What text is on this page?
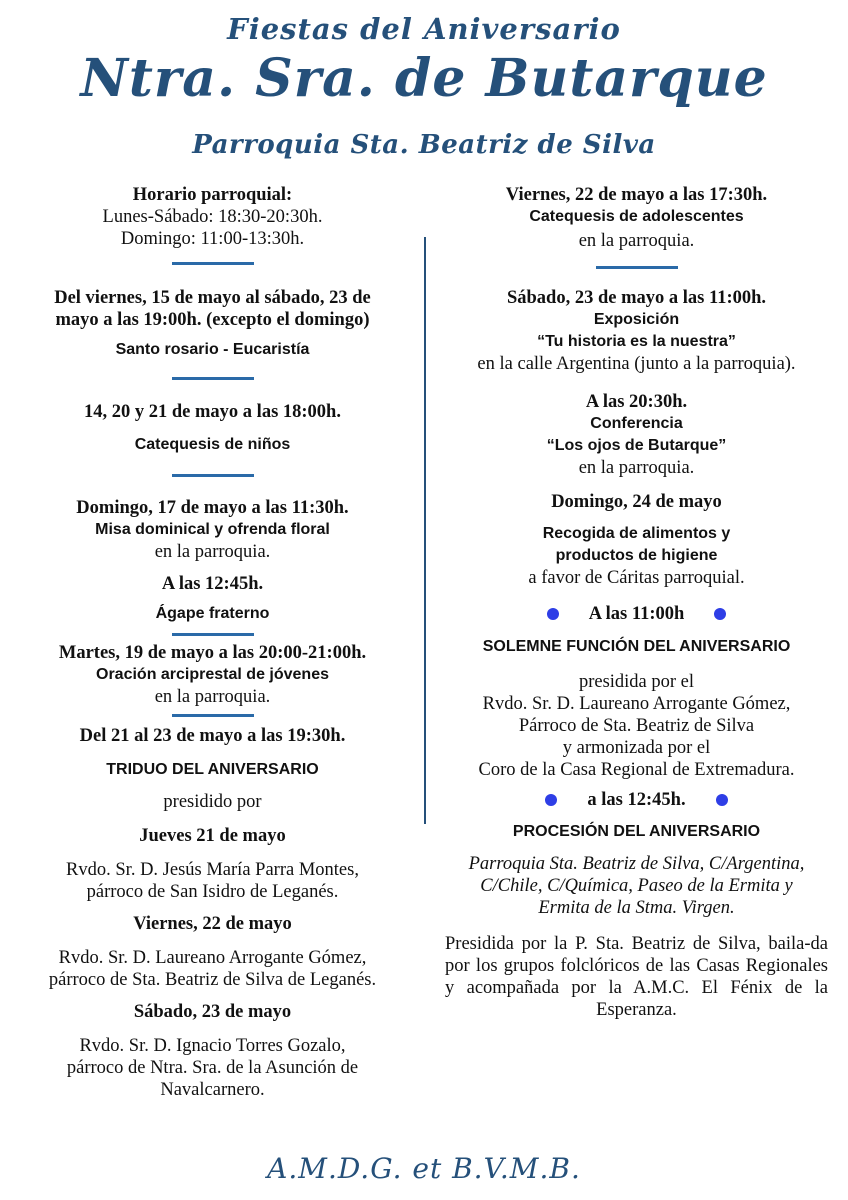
Fiestas del Aniversario
Ntra. Sra. de Butarque
Parroquia Sta. Beatriz de Silva
Horario parroquial:
Lunes-Sábado: 18:30-20:30h.
Domingo: 11:00-13:30h.
Del viernes, 15 de mayo al sábado, 23 de
mayo a las 19:00h. (excepto el domingo)
Santo rosario - Eucaristía
14, 20 y 21 de mayo a las 18:00h.
Catequesis de niños
Domingo, 17 de mayo a las 11:30h.
Misa dominical y ofrenda floral
en la parroquia.
A las 12:45h.
Ágape fraterno
Martes, 19 de mayo a las 20:00-21:00h.
Oración arciprestal de jóvenes
en la parroquia.
Del 21 al 23 de mayo a las 19:30h.
TRIDUO DEL ANIVERSARIO
presidido por
Jueves 21 de mayo
Rvdo. Sr. D. Jesús María Parra Montes,
párroco de San Isidro de Leganés.
Viernes, 22 de mayo
Rvdo. Sr. D. Laureano Arrogante Gómez,
párroco de Sta. Beatriz de Silva de Leganés.
Sábado, 23 de mayo
Rvdo. Sr. D. Ignacio Torres Gozalo,
párroco de Ntra. Sra. de la Asunción de
Navalcarnero.
Viernes, 22 de mayo a las 17:30h.
Catequesis de adolescentes
en la parroquia.
Sábado, 23 de mayo a las 11:00h.
Exposición
“Tu historia es la nuestra”
en la calle Argentina (junto a la parroquia).
A las 20:30h.
Conferencia
“Los ojos de Butarque”
en la parroquia.
Domingo, 24 de mayo
Recogida de alimentos y
productos de higiene
a favor de Cáritas parroquial.
A las 11:00h
SOLEMNE FUNCIÓN DEL ANIVERSARIO
presidida por el
Rvdo. Sr. D. Laureano Arrogante Gómez,
Párroco de Sta. Beatriz de Silva
y armonizada por el
Coro de la Casa Regional de Extremadura.
a las 12:45h.
PROCESIÓN DEL ANIVERSARIO
Parroquia Sta. Beatriz de Silva, C/Argentina,
C/Chile, C/Química, Paseo de la Ermita y
Ermita de la Stma. Virgen.
Presidida por la P. Sta. Beatriz de Silva, baila-da por los grupos folclóricos de las Casas Regionales y acompañada por la A.M.C. El Fénix de la Esperanza.
A.M.D.G. et B.V.M.B.
